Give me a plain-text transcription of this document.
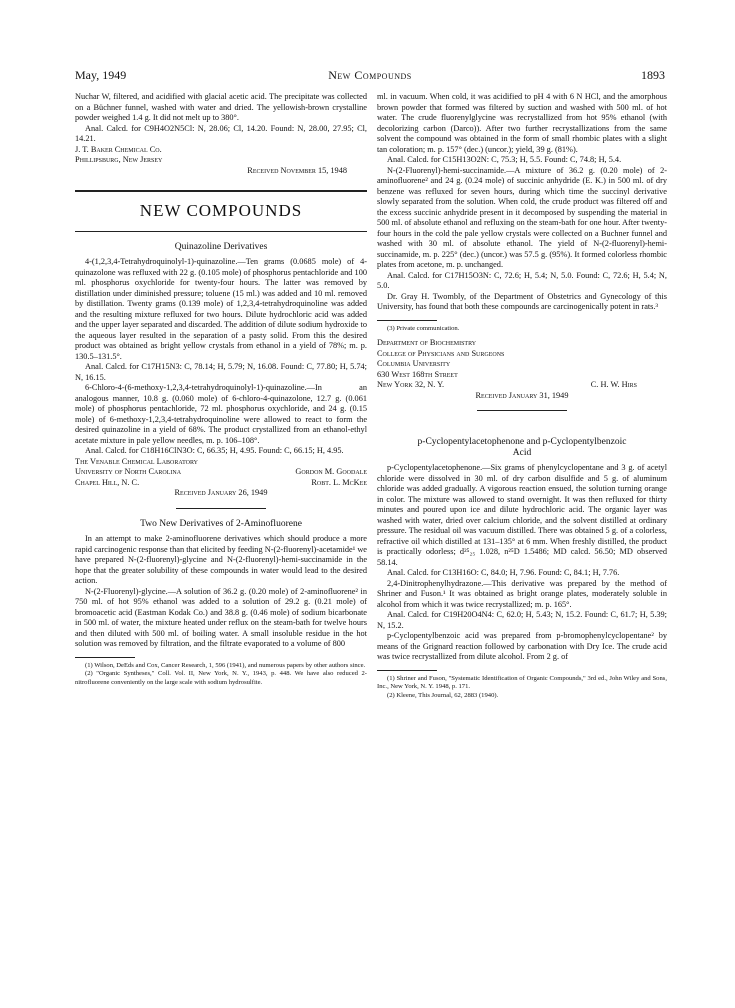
May, 1949	New Compounds	1893

Nuchar W, filtered, and acidified with glacial acetic acid. The precipitate was collected on a Büchner funnel, washed with water and dried. The yellowish-brown crystalline powder weighed 1.4 g. It did not melt up to 380°.

Anal. Calcd. for C9H4O2N5Cl: N, 28.06; Cl, 14.20. Found: N, 28.00, 27.95; Cl, 14.21.

J. T. Baker Chemical Co.

Phillipsburg, New Jersey

Received November 15, 1948

NEW COMPOUNDS
Quinazoline Derivatives

4-(1,2,3,4-Tetrahydroquinolyl-1)-quinazoline.—Ten grams (0.0685 mole) of 4-quinazolone was refluxed with 22 g. (0.105 mole) of phosphorus pentachloride and 100 ml. phosphorus oxychloride for twenty-four hours. The latter was removed by distillation under diminished pressure; toluene (15 ml.) was added and 10 ml. removed by distillation. Twenty grams (0.139 mole) of 1,2,3,4-tetrahydroquinoline was added and the resulting mixture refluxed for two hours. Dilute hydrochloric acid was added and the upper layer separated and discarded. The addition of dilute sodium hydroxide to the aqueous layer resulted in the separation of a pasty solid. From this the desired product was obtained as bright yellow crystals from ethanol in a yield of 78%; m. p. 130.5–131.5°.

Anal. Calcd. for C17H15N3: C, 78.14; H, 5.79; N, 16.08. Found: C, 77.80; H, 5.74; N, 16.15.

6-Chloro-4-(6-methoxy-1,2,3,4-tetrahydroquinolyl-1)-quinazoline.—In an analogous manner, 10.8 g. (0.060 mole) of 6-chloro-4-quinazolone, 12.7 g. (0.061 mole) of phosphorus pentachloride, 72 ml. phosphorus oxychloride, and 24 g. (0.15 mole) of 6-methoxy-1,2,3,4-tetrahydroquinoline were allowed to react to form the desired quinazoline in a yield of 68%. The product crystallized from an ethanol-ethyl acetate mixture in pale yellow needles, m. p. 106–108°.

Anal. Calcd. for C18H16ClN3O: C, 66.35; H, 4.95. Found: C, 66.15; H, 4.95.

The Venable Chemical Laboratory

University of North Carolina	Gordon M. Goodale
Chapel Hill, N. C.	Robt. L. McKee

Received January 26, 1949

Two New Derivatives of 2-Aminofluorene

In an attempt to make 2-aminofluorene derivatives which should produce a more rapid carcinogenic response than that elicited by feeding N-(2-fluorenyl)-acetamide¹ we have prepared N-(2-fluorenyl)-glycine and N-(2-fluorenyl)-hemi-succinamide in the hope that the greater solubility of these compounds in water would lead to the desired action.

N-(2-Fluorenyl)-glycine.—A solution of 36.2 g. (0.20 mole) of 2-aminofluorene² in 750 ml. of hot 95% ethanol was added to a solution of 29.2 g. (0.21 mole) of bromoacetic acid (Eastman Kodak Co.) and 38.8 g. (0.46 mole) of sodium bicarbonate in 500 ml. of water, the mixture heated under reflux on the steam-bath for twelve hours and then diluted with 500 ml. of boiling water. A small insoluble residue in the hot solution was removed by filtration, and the filtrate evaporated to a volume of 800

(1) Wilson, DeEds and Cox, Cancer Research, 1, 596 (1941), and numerous papers by other authors since.

(2) "Organic Syntheses," Coll. Vol. II, New York, N. Y., 1943, p. 448. We have also reduced 2-nitrofluorene conveniently on the large scale with sodium hydrosulfite.

ml. in vacuum. When cold, it was acidified to pH 4 with 6 N HCl, and the amorphous brown powder that formed was filtered by suction and washed with 500 ml. of hot water. The crude fluorenylglycine was recrystallized from hot 95% ethanol (with decolorizing carbon (Darco)). After two further recrystallizations from the same solvent the compound was obtained in the form of small rhombic plates with a slight tan coloration; m. p. 157° (dec.) (uncor.); yield, 39 g. (81%).

Anal. Calcd. for C15H13O2N: C, 75.3; H, 5.5. Found: C, 74.8; H, 5.4.

N-(2-Fluorenyl)-hemi-succinamide.—A mixture of 36.2 g. (0.20 mole) of 2-aminofluorene² and 24 g. (0.24 mole) of succinic anhydride (E. K.) in 500 ml. of dry benzene was refluxed for seven hours, during which time the succinyl derivative slowly separated from the solution. When cold, the crude product was filtered off and the excess succinic anhydride present in it decomposed by suspending the material in 500 ml. of absolute ethanol and refluxing on the steam-bath for one hour. After twenty-four hours in the cold the pale yellow crystals were collected on a Buchner funnel and washed with 30 ml. of absolute ethanol. The yield of N-(2-fluorenyl)-hemi-succinamide, m. p. 225° (dec.) (uncor.) was 57.5 g. (95%). It formed colorless rhombic plates from acetone, m. p. unchanged.

Anal. Calcd. for C17H15O3N: C, 72.6; H, 5.4; N, 5.0. Found: C, 72.6; H, 5.4; N, 5.0.

Dr. Gray H. Twombly, of the Department of Obstetrics and Gynecology of this University, has found that both these compounds are carcinogenically potent in rats.³

(3) Private communication.

Department of Biochemistry

College of Physicians and Surgeons

Columbia University

630 West 168th Street

New York 32, N. Y.	C. H. W. Hirs

Received January 31, 1949

p-Cyclopentylacetophenone and p-Cyclopentylbenzoic
Acid

p-Cyclopentylacetophenone.—Six grams of phenylcyclopentane and 3 g. of acetyl chloride were dissolved in 30 ml. of dry carbon disulfide and 5 g. of aluminum chloride was added gradually. A vigorous reaction ensued, the solution turning orange in color. The mixture was allowed to stand overnight. It was then refluxed for thirty minutes and poured upon ice and dilute hydrochloric acid. The organic layer was washed with water, dried over calcium chloride, and the solvent distilled at ordinary pressure. The residual oil was vacuum distilled. There was obtained 5 g. of a colorless, refractive oil which distilled at 131–135° at 6 mm. When freshly distilled, the product is practically odorless; d²⁵₂₅ 1.028, n²⁵D 1.5486; MD calcd. 56.50; MD observed 58.14.

Anal. Calcd. for C13H16O: C, 84.0; H, 7.96. Found: C, 84.1; H, 7.76.

2,4-Dinitrophenylhydrazone.—This derivative was prepared by the method of Shriner and Fuson.¹ It was obtained as bright orange plates, moderately soluble in alcohol from which it was twice recrystallized; m. p. 165°.

Anal. Calcd. for C19H20O4N4: C, 62.0; H, 5.43; N, 15.2. Found: C, 61.7; H, 5.39; N, 15.2.

p-Cyclopentylbenzoic acid was prepared from p-bromophenylcyclopentane² by means of the Grignard reaction followed by carbonation with Dry Ice. The crude acid was twice recrystallized from dilute alcohol. From 2 g. of

(1) Shriner and Fuson, "Systematic Identification of Organic Compounds," 3rd ed., John Wiley and Sons, Inc., New York, N. Y. 1948, p. 171.

(2) Kleene, This Journal, 62, 2883 (1940).
